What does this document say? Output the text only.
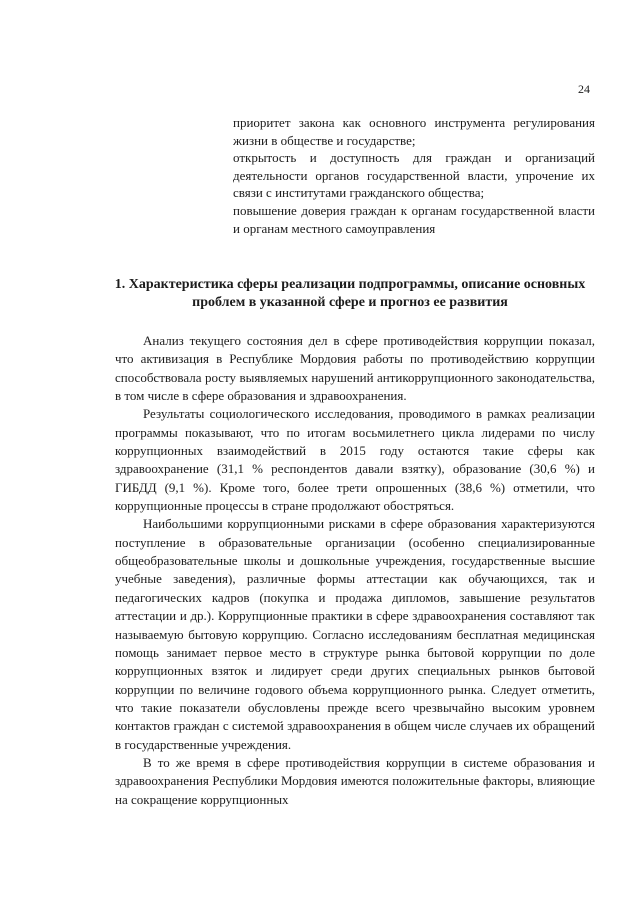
24

приоритет закона как основного инструмента регулирования жизни в обществе и государстве;

открытость и доступность для граждан и организаций деятельности органов государственной власти, упрочение их связи с институтами гражданского общества;

повышение доверия граждан к органам государственной власти и органам местного самоуправления

1. Характеристика сферы реализации подпрограммы, описание основных проблем в указанной сфере и прогноз ее развития

Анализ текущего состояния дел в сфере противодействия коррупции показал, что активизация в Республике Мордовия работы по противодействию коррупции способствовала росту выявляемых нарушений антикоррупционного законодательства, в том числе в сфере образования и здравоохранения.

Результаты социологического исследования, проводимого в рамках реализации программы показывают, что по итогам восьмилетнего цикла лидерами по числу коррупционных взаимодействий в 2015 году остаются такие сферы как здравоохранение (31,1 % респондентов давали взятку), образование (30,6 %) и ГИБДД (9,1 %). Кроме того, более трети опрошенных (38,6 %) отметили, что коррупционные процессы в стране продолжают обостряться.

Наибольшими коррупционными рисками в сфере образования характеризуются поступление в образовательные организации (особенно специализированные общеобразовательные школы и дошкольные учреждения, государственные высшие учебные заведения), различные формы аттестации как обучающихся, так и педагогических кадров (покупка и продажа дипломов, завышение результатов аттестации и др.). Коррупционные практики в сфере здравоохранения составляют так называемую бытовую коррупцию. Согласно исследованиям бесплатная медицинская помощь занимает первое место в структуре рынка бытовой коррупции по доле коррупционных взяток и лидирует среди других специальных рынков бытовой коррупции по величине годового объема коррупционного рынка. Следует отметить, что такие показатели обусловлены прежде всего чрезвычайно высоким уровнем контактов граждан с системой здравоохранения в общем числе случаев их обращений в государственные учреждения.

В то же время в сфере противодействия коррупции в системе образования и здравоохранения Республики Мордовия имеются положительные факторы, влияющие на сокращение коррупционных
